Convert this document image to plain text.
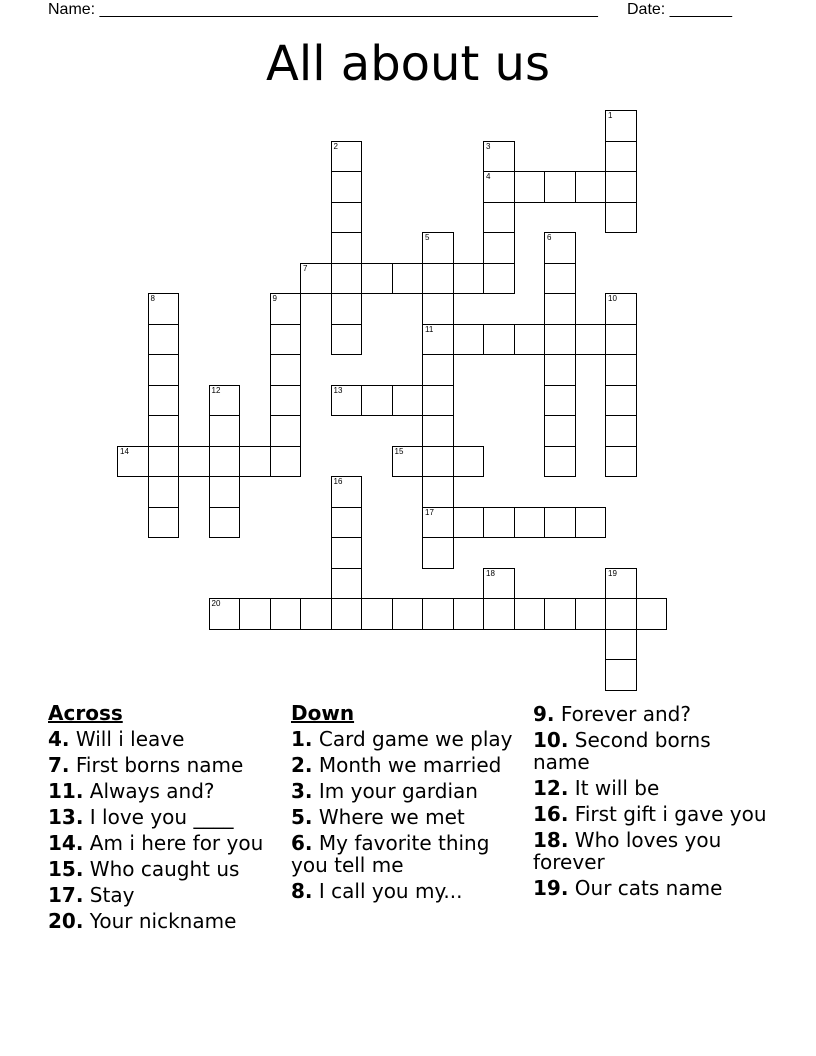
Name: ________________________________________________________ Date: _______
All about us
1
4
3
2
7
5
11
17
6
10
8	9
12	13
14	15
16
18	19
20
Across
4. Will i leave
7. First borns name
11. Always and?
13. I love you ____
14. Am i here for you
15. Who caught us
17. Stay
20. Your nickname
Down
1. Card game we play
2. Month we married
3. Im your gardian
5. Where we met
6. My favorite thing you tell me
8. I call you my...
9. Forever and?
10. Second borns name
12. It will be
16. First gift i gave you
18. Who loves you forever
19. Our cats name
